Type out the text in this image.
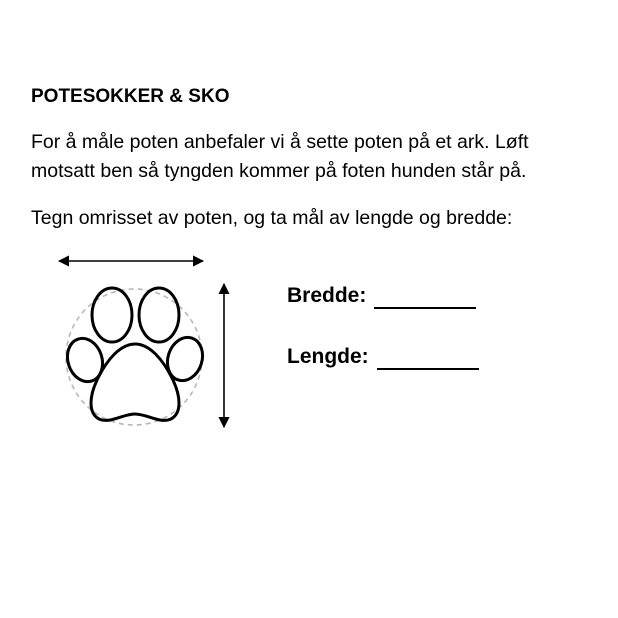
POTESOKKER & SKO
For å måle poten anbefaler vi å sette poten på et ark. Løft
motsatt ben så tyngden kommer på foten hunden står på.
Tegn omrisset av poten, og ta mål av lengde og bredde:
Bredde:
Lengde:
